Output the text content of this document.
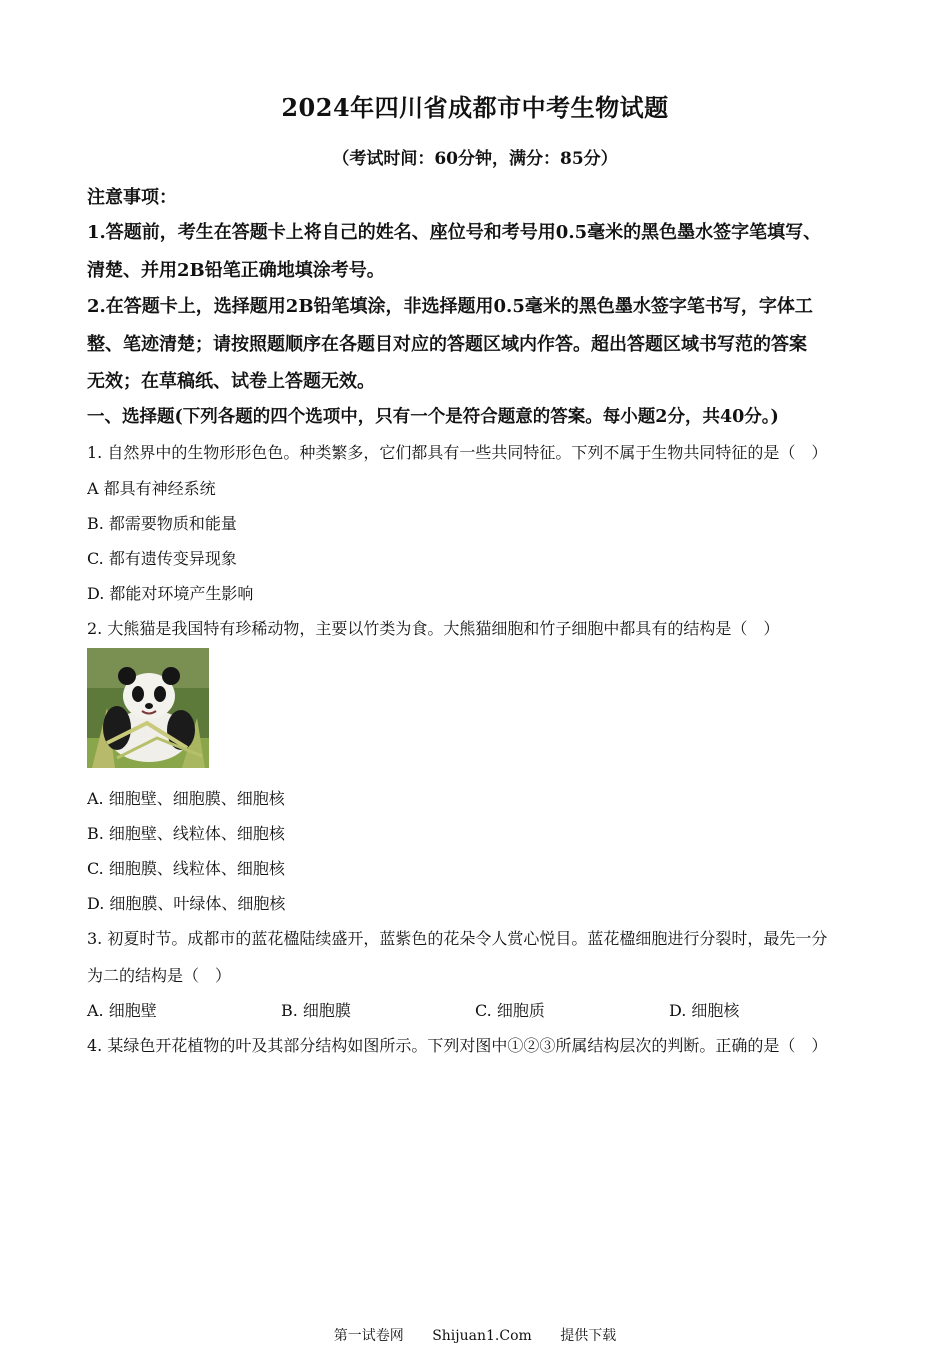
2024年四川省成都市中考生物试题
（考试时间：60分钟，满分：85分）
注意事项：
1.答题前，考生在答题卡上将自己的姓名、座位号和考号用0.5毫米的黑色墨水签字笔填写、
清楚、并用2B铅笔正确地填涂考号。
2.在答题卡上，选择题用2B铅笔填涂，非选择题用0.5毫米的黑色墨水签字笔书写，字体工
整、笔迹清楚；请按照题顺序在各题目对应的答题区域内作答。超出答题区域书写范的答案
无效；在草稿纸、试卷上答题无效。
一、选择题(下列各题的四个选项中，只有一个是符合题意的答案。每小题2分，共40分。)
1. 自然界中的生物形形色色。种类繁多，它们都具有一些共同特征。下列不属于生物共同特征的是（　）
A 都具有神经系统
B. 都需要物质和能量
C. 都有遗传变异现象
D. 都能对环境产生影响
2. 大熊猫是我国特有珍稀动物，主要以竹类为食。大熊猫细胞和竹子细胞中都具有的结构是（　）
A. 细胞壁、细胞膜、细胞核
B. 细胞壁、线粒体、细胞核
C. 细胞膜、线粒体、细胞核
D. 细胞膜、叶绿体、细胞核
3. 初夏时节。成都市的蓝花楹陆续盛开，蓝紫色的花朵令人赏心悦目。蓝花楹细胞进行分裂时，最先一分
为二的结构是（　）
A. 细胞壁	B. 细胞膜	C. 细胞质	D. 细胞核
4. 某绿色开花植物的叶及其部分结构如图所示。下列对图中①②③所属结构层次的判断。正确的是（　）
第一试卷网 Shijuan1.Com 提供下载
